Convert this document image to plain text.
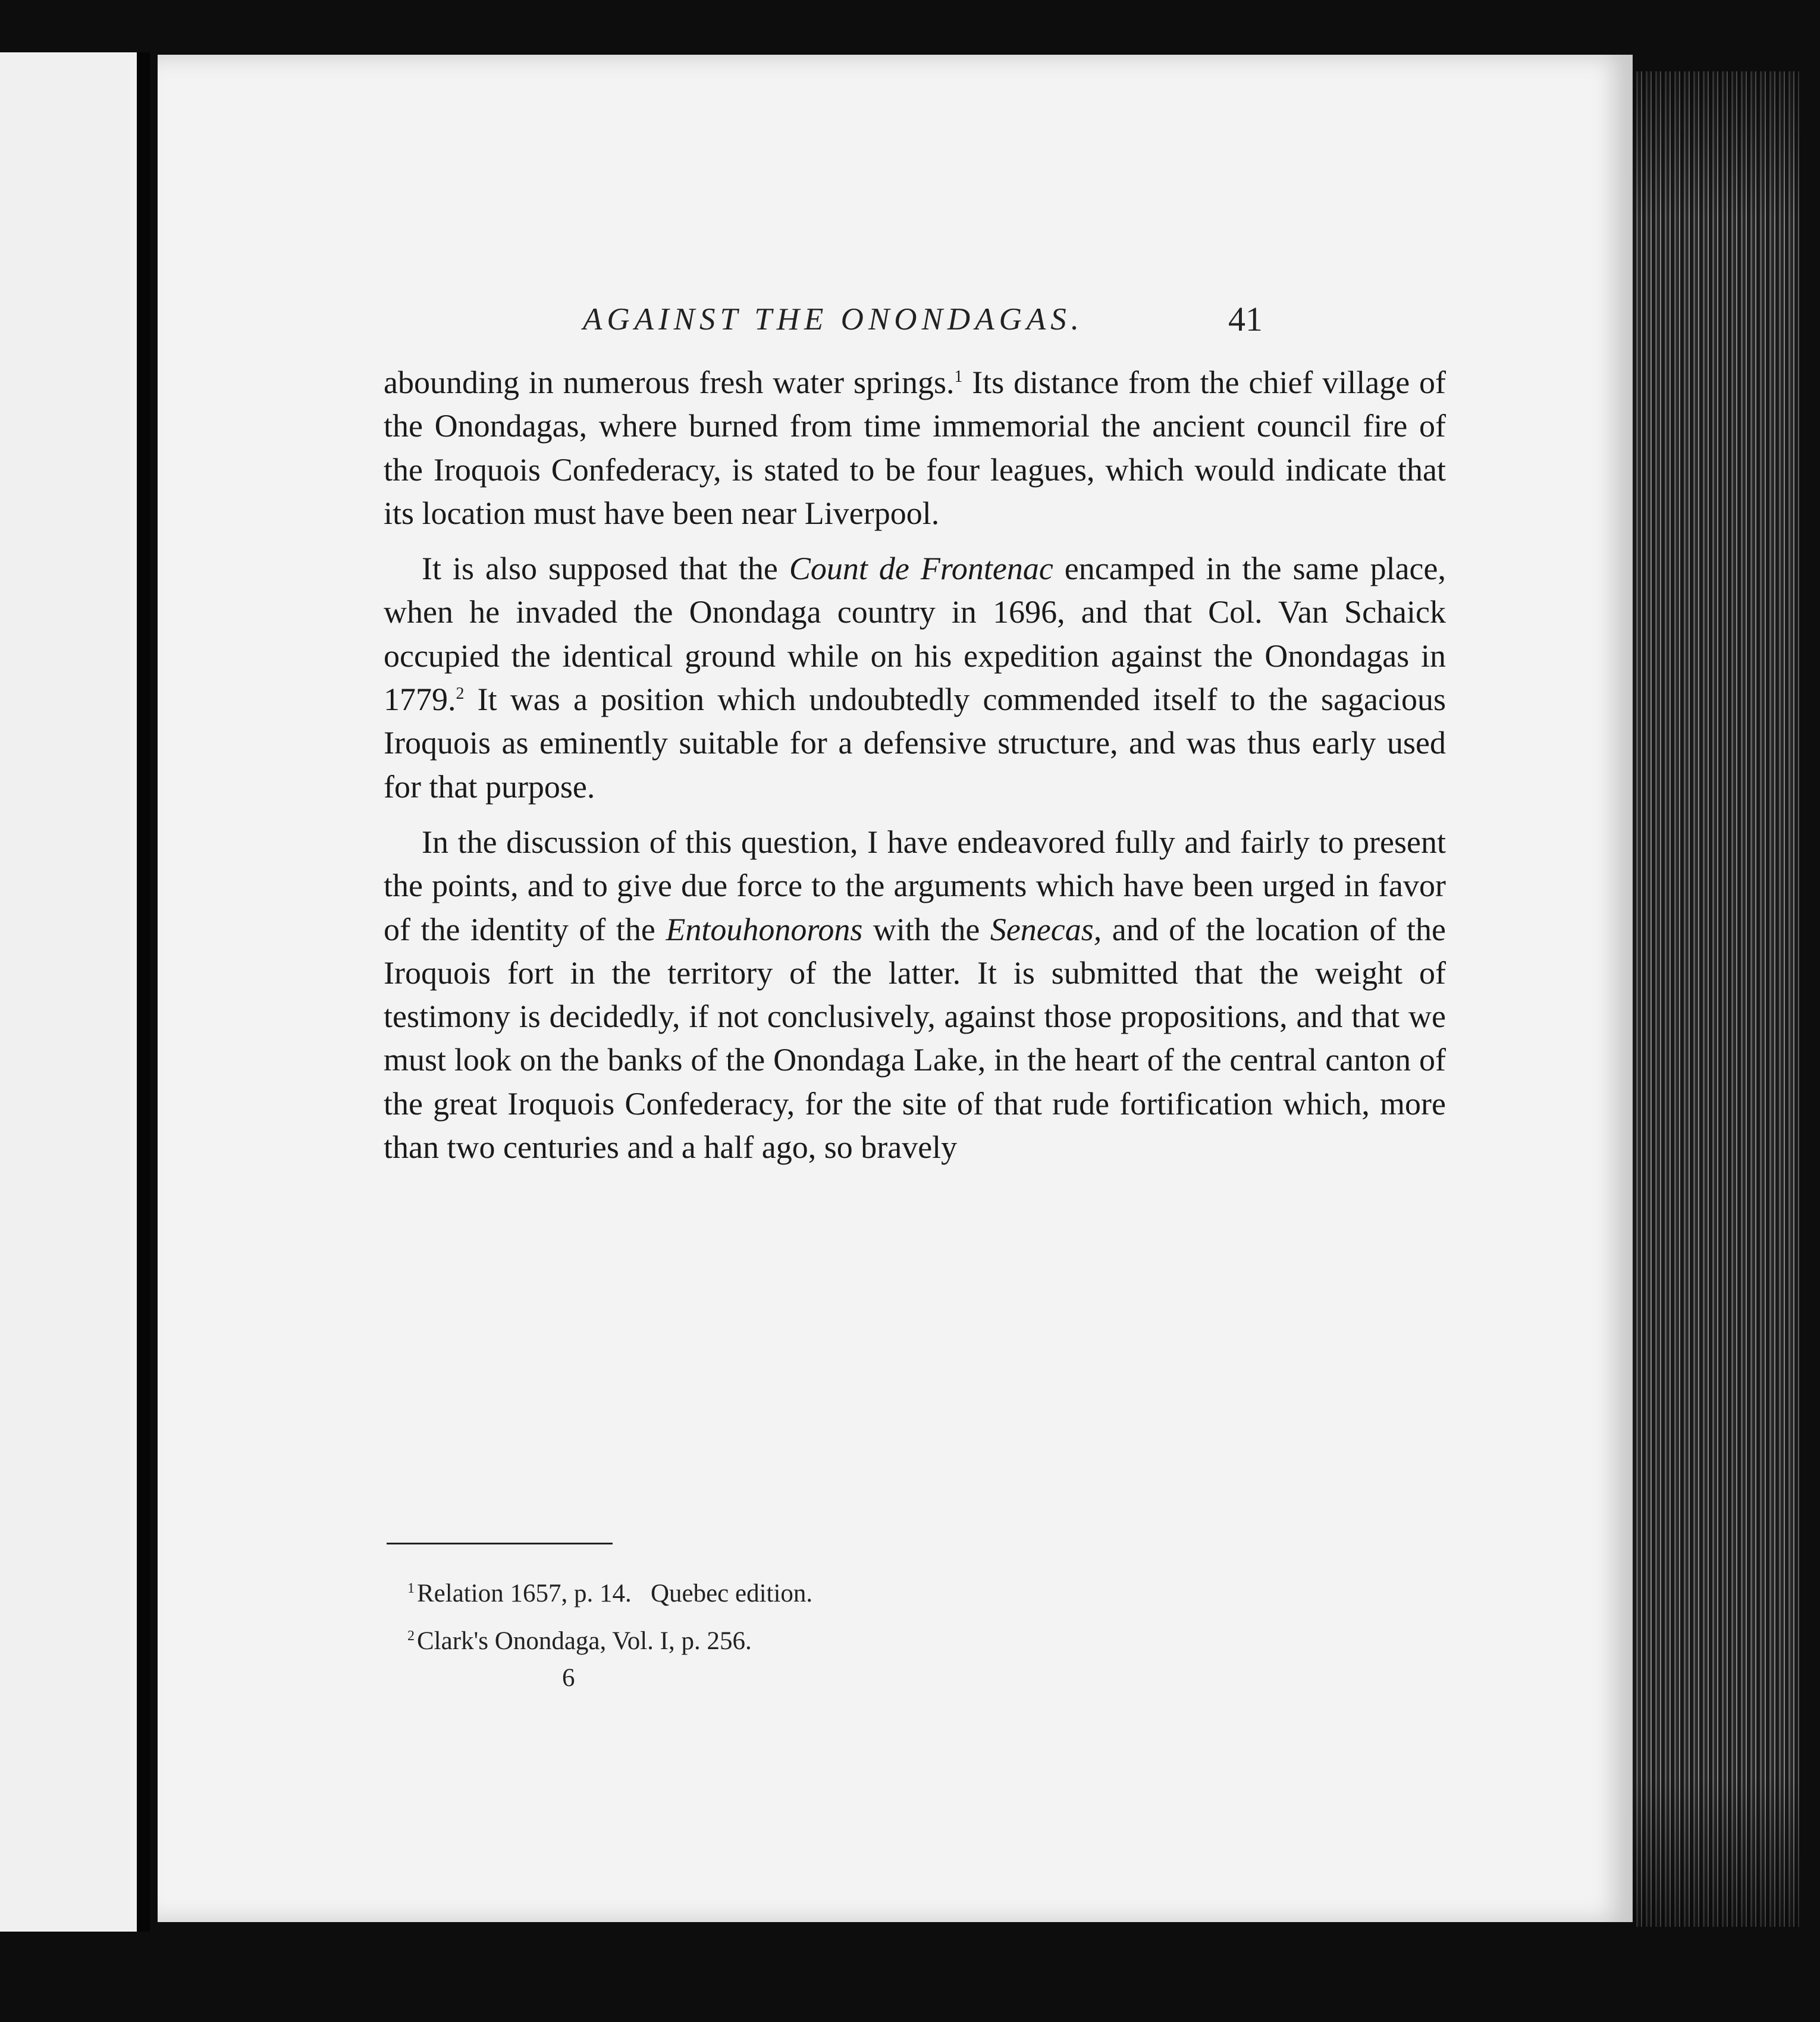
AGAINST THE ONONDAGAS.	41

abounding in numerous fresh water springs.$^1$ Its distance from the chief village of the Onondagas, where burned from time immemorial the ancient council fire of the Iroquois Confederacy, is stated to be four leagues, which would indicate that its location must have been near Liverpool.

It is also supposed that the Count de Frontenac encamped in the same place, when he invaded the Onondaga country in 1696, and that Col. Van Schaick occupied the identical ground while on his expedition against the Onondagas in 1779.$^2$ It was a position which undoubtedly commended itself to the sagacious Iroquois as eminently suitable for a defensive structure, and was thus early used for that purpose.

In the discussion of this question, I have endeavored fully and fairly to present the points, and to give due force to the arguments which have been urged in favor of the identity of the Entouhonorons with the Senecas, and of the location of the Iroquois fort in the territory of the latter. It is submitted that the weight of testimony is decidedly, if not conclusively, against those propositions, and that we must look on the banks of the Onondaga Lake, in the heart of the central canton of the great Iroquois Confederacy, for the site of that rude fortification which, more than two centuries and a half ago, so bravely

$^1$Relation 1657, p. 14.   Quebec edition.
$^2$Clark's Onondaga, Vol. I, p. 256.
6
